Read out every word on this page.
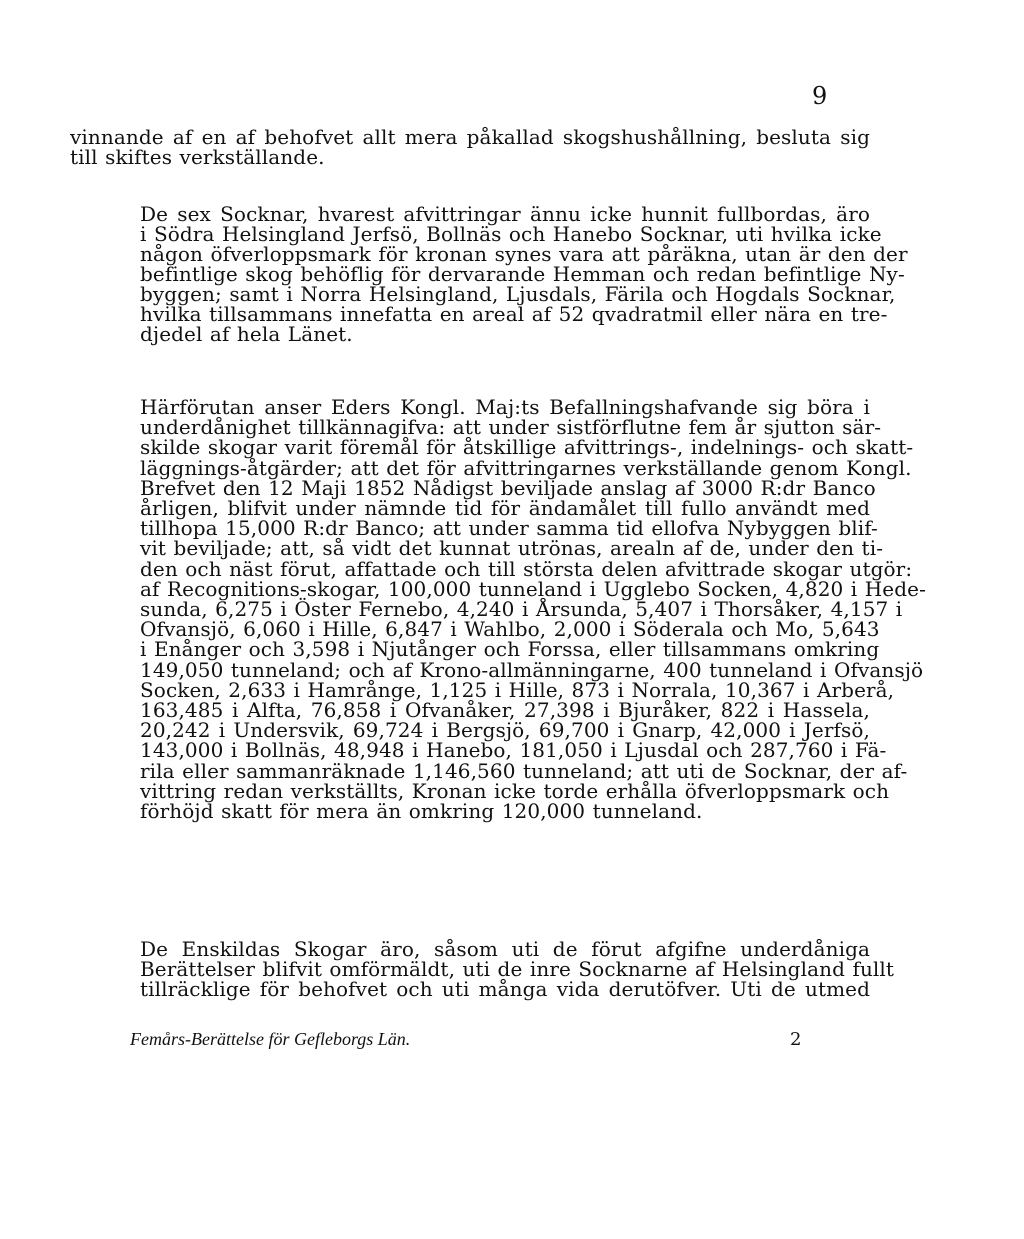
9
vinnande af en af behofvet allt mera påkallad skogshushållning, besluta sig
till skiftes verkställande.
De sex Socknar, hvarest afvittringar ännu icke hunnit fullbordas, äro
i Södra Helsingland Jerfsö, Bollnäs och Hanebo Socknar, uti hvilka icke
någon öfverloppsmark för kronan synes vara att påräkna, utan är den der
befintlige skog behöflig för dervarande Hemman och redan befintlige Ny-
byggen; samt i Norra Helsingland, Ljusdals, Färila och Hogdals Socknar,
hvilka tillsammans innefatta en areal af 52 qvadratmil eller nära en tre-
djedel af hela Länet.
Härförutan anser Eders Kongl. Maj:ts Befallningshafvande sig böra i
underdånighet tillkännagifva: att under sistförflutne fem år sjutton sär-
skilde skogar varit föremål för åtskillige afvittrings-, indelnings- och skatt-
läggnings-åtgärder; att det för afvittringarnes verkställande genom Kongl.
Brefvet den 12 Maji 1852 Nådigst beviljade anslag af 3000 R:dr Banco
årligen, blifvit under nämnde tid för ändamålet till fullo användt med
tillhopa 15,000 R:dr Banco; att under samma tid ellofva Nybyggen blif-
vit beviljade; att, så vidt det kunnat utrönas, arealn af de, under den ti-
den och näst förut, affattade och till största delen afvittrade skogar utgör:
af Recognitions-skogar, 100,000 tunneland i Ugglebo Socken, 4,820 i Hede-
sunda, 6,275 i Öster Fernebo, 4,240 i Årsunda, 5,407 i Thorsåker, 4,157 i
Ofvansjö, 6,060 i Hille, 6,847 i Wahlbo, 2,000 i Söderala och Mo, 5,643
i Enånger och 3,598 i Njutånger och Forssa, eller tillsammans omkring
149,050 tunneland; och af Krono-allmänningarne, 400 tunneland i Ofvansjö
Socken, 2,633 i Hamrånge, 1,125 i Hille, 873 i Norrala, 10,367 i Arberå,
163,485 i Alfta, 76,858 i Ofvanåker, 27,398 i Bjuråker, 822 i Hassela,
20,242 i Undersvik, 69,724 i Bergsjö, 69,700 i Gnarp, 42,000 i Jerfsö,
143,000 i Bollnäs, 48,948 i Hanebo, 181,050 i Ljusdal och 287,760 i Fä-
rila eller sammanräknade 1,146,560 tunneland; att uti de Socknar, der af-
vittring redan verkställts, Kronan icke torde erhålla öfverloppsmark och
förhöjd skatt för mera än omkring 120,000 tunneland.
De Enskildas Skogar äro, såsom uti de förut afgifne underdåniga
Berättelser blifvit omförmäldt, uti de inre Socknarne af Helsingland fullt
tillräcklige för behofvet och uti många vida derutöfver. Uti de utmed
Femårs-Berättelse för Gefleborgs Län.	2
